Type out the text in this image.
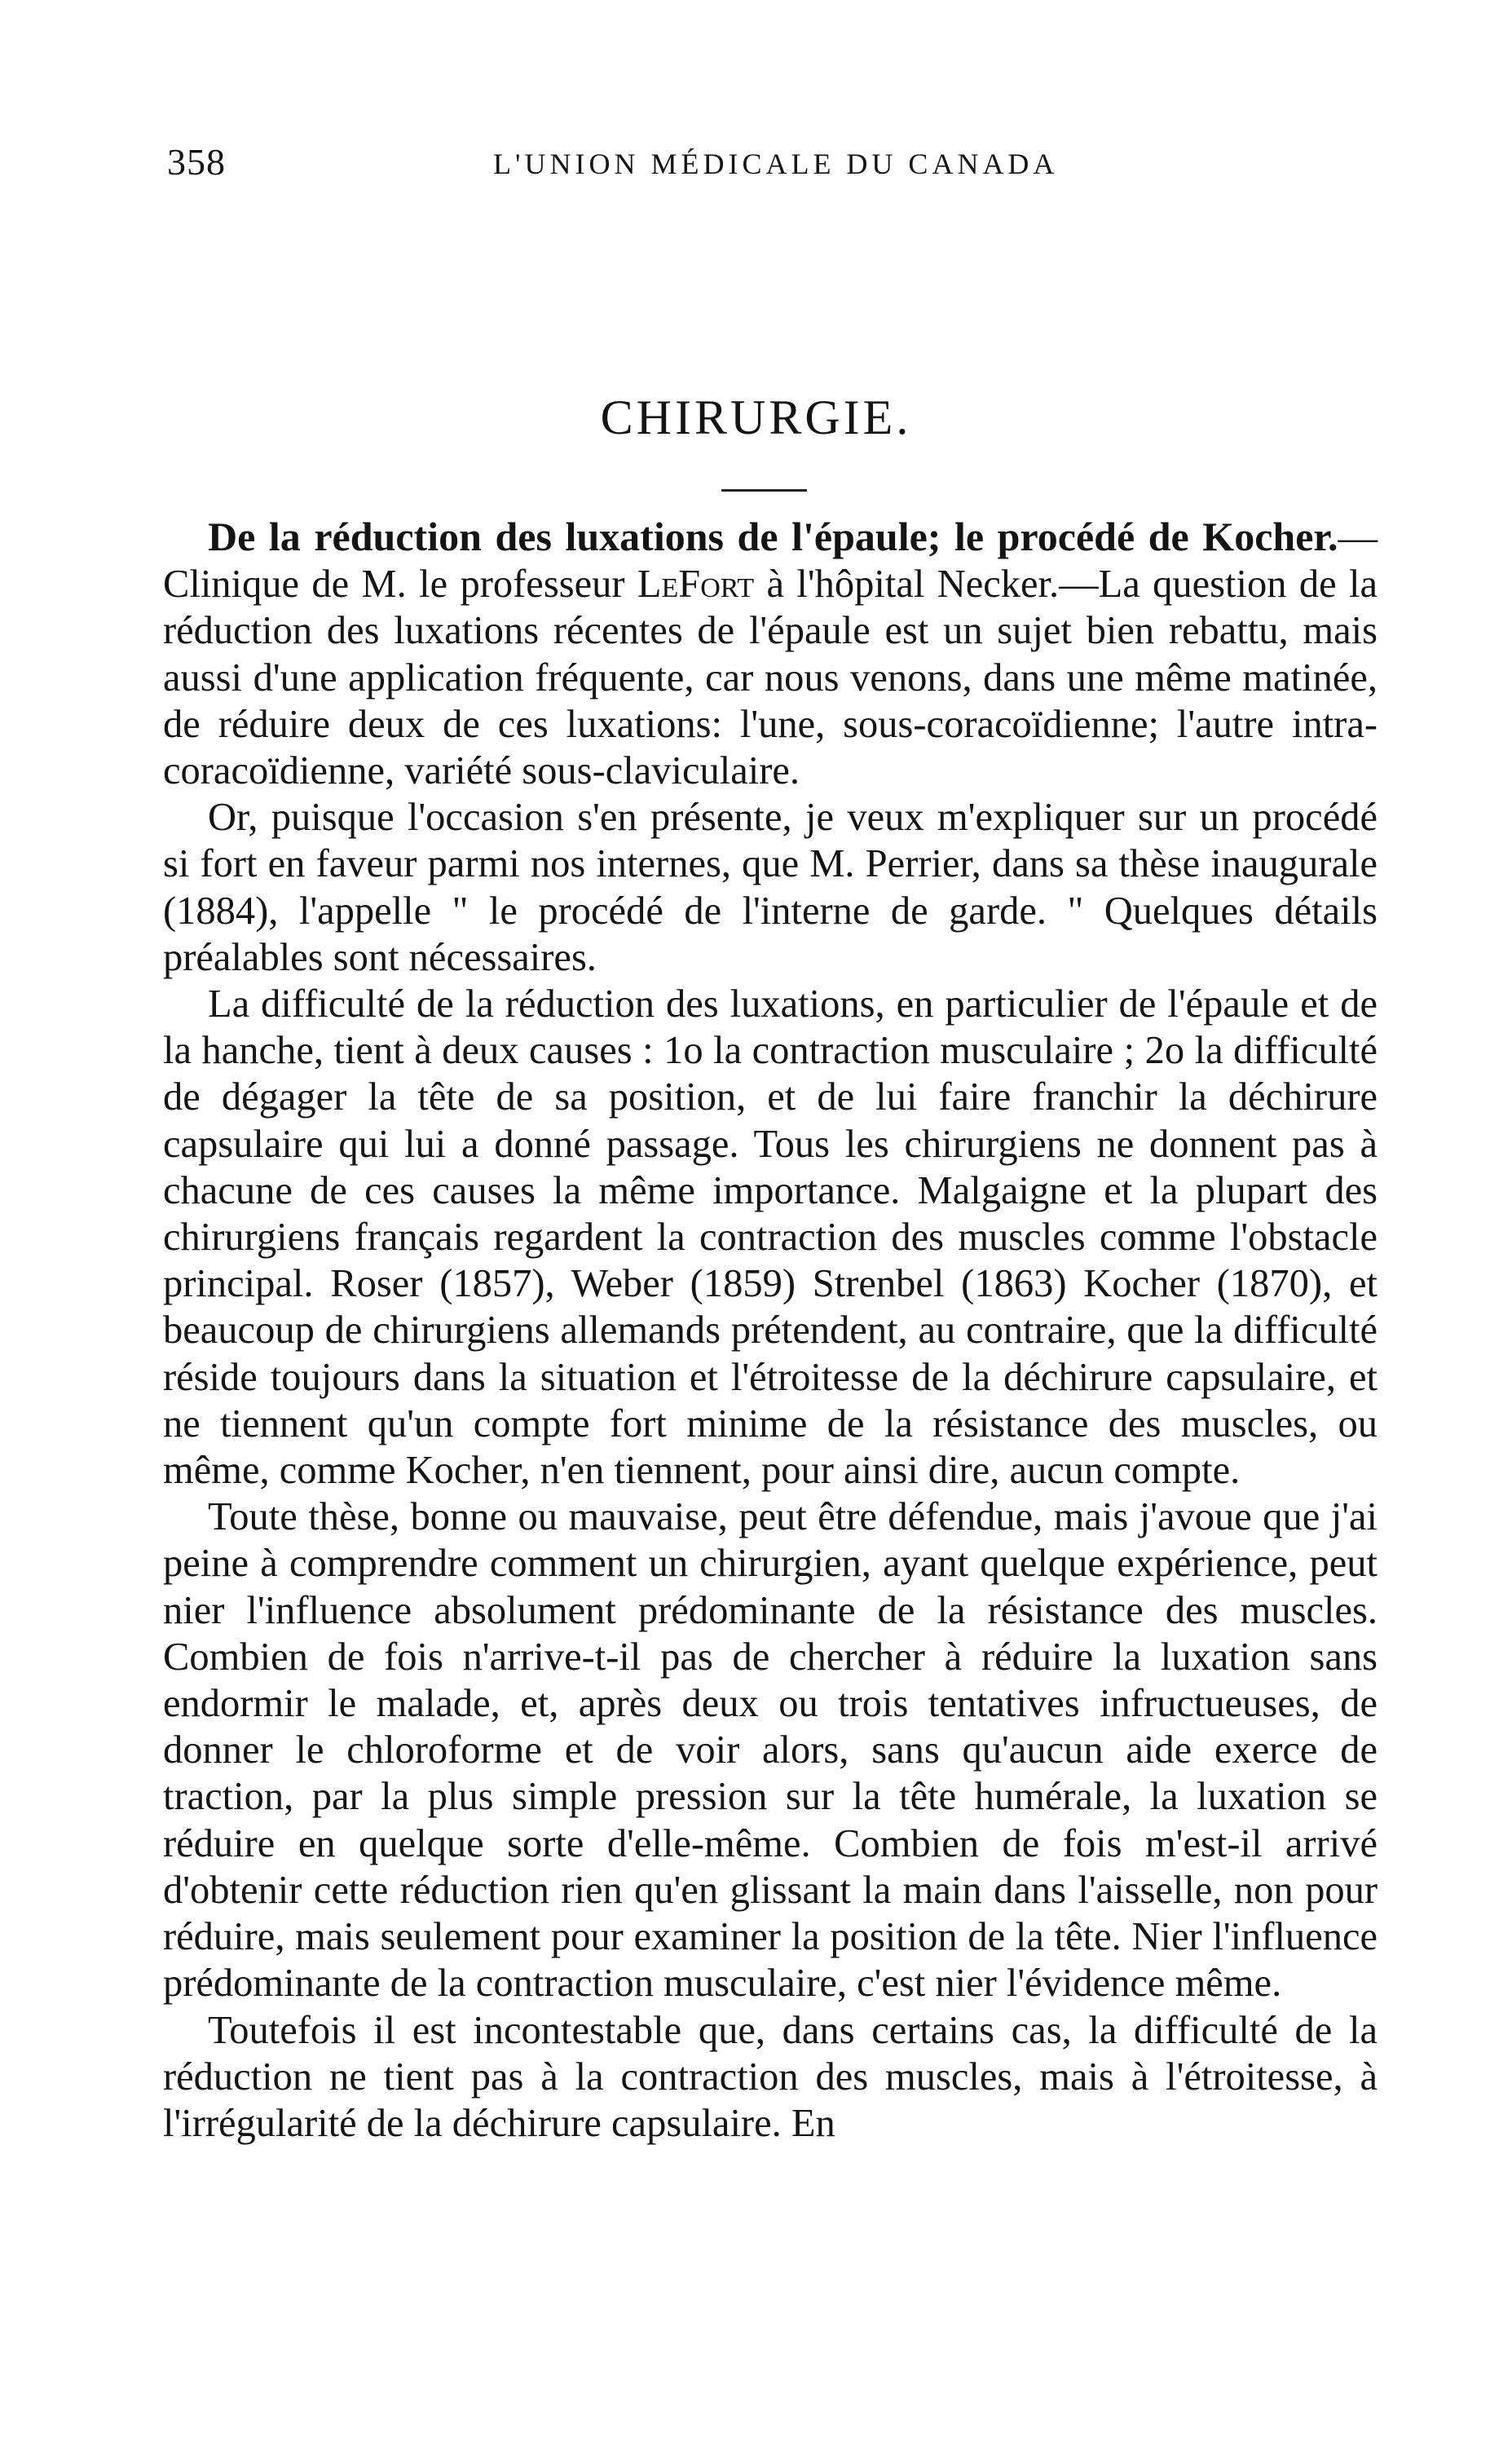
358	L'UNION MÉDICALE DU CANADA
CHIRURGIE.

De la réduction des luxations de l'épaule; le procédé de Kocher.—Clinique de M. le professeur LeFort à l'hôpital Necker.—La question de la réduction des luxations récentes de l'épaule est un sujet bien rebattu, mais aussi d'une application fréquente, car nous venons, dans une même matinée, de réduire deux de ces luxations: l'une, sous-coracoïdienne; l'autre intra-coracoïdienne, variété sous-claviculaire.

Or, puisque l'occasion s'en présente, je veux m'expliquer sur un procédé si fort en faveur parmi nos internes, que M. Perrier, dans sa thèse inaugurale (1884), l'appelle " le procédé de l'interne de garde. " Quelques détails préalables sont nécessaires.

La difficulté de la réduction des luxations, en particulier de l'épaule et de la hanche, tient à deux causes : 1o la contraction musculaire ; 2o la difficulté de dégager la tête de sa position, et de lui faire franchir la déchirure capsulaire qui lui a donné passage. Tous les chirurgiens ne donnent pas à chacune de ces causes la même importance. Malgaigne et la plupart des chirurgiens français regardent la contraction des muscles comme l'obstacle principal. Roser (1857), Weber (1859) Strenbel (1863) Kocher (1870), et beaucoup de chirurgiens allemands prétendent, au contraire, que la difficulté réside toujours dans la situation et l'étroitesse de la déchirure capsulaire, et ne tiennent qu'un compte fort minime de la résistance des muscles, ou même, comme Kocher, n'en tiennent, pour ainsi dire, aucun compte.

Toute thèse, bonne ou mauvaise, peut être défendue, mais j'avoue que j'ai peine à comprendre comment un chirurgien, ayant quelque expérience, peut nier l'influence absolument prédominante de la résistance des muscles. Combien de fois n'arrive-t-il pas de chercher à réduire la luxation sans endormir le malade, et, après deux ou trois tentatives infructueuses, de donner le chloroforme et de voir alors, sans qu'aucun aide exerce de traction, par la plus simple pression sur la tête humérale, la luxation se réduire en quelque sorte d'elle-même. Combien de fois m'est-il arrivé d'obtenir cette réduction rien qu'en glissant la main dans l'aisselle, non pour réduire, mais seulement pour examiner la position de la tête. Nier l'influence prédominante de la contraction musculaire, c'est nier l'évidence même.

Toutefois il est incontestable que, dans certains cas, la difficulté de la réduction ne tient pas à la contraction des muscles, mais à l'étroitesse, à l'irrégularité de la déchirure capsulaire. En
